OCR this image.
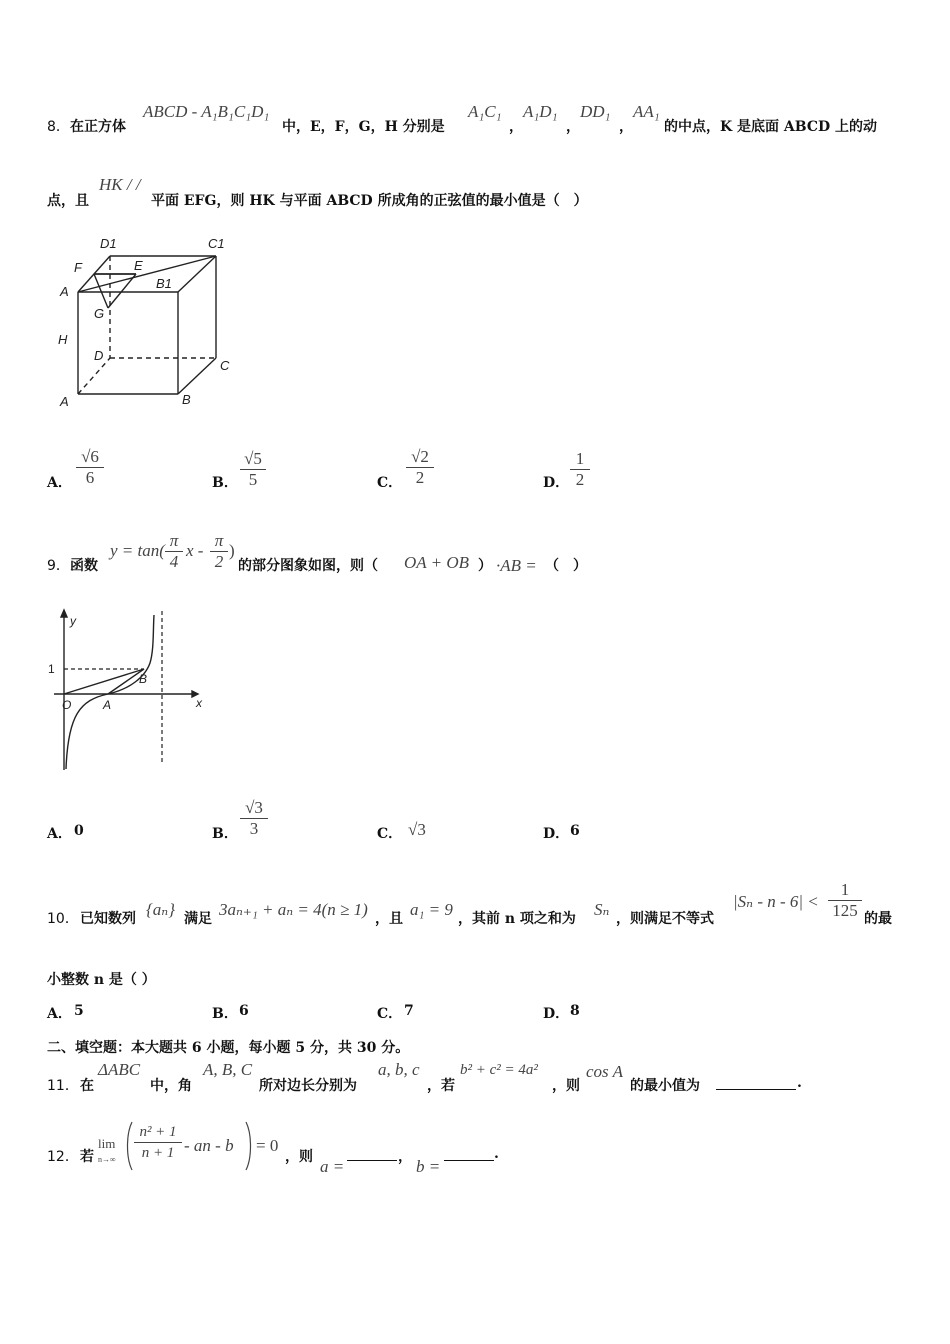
8． 在正方体
ABCD - A₁B₁C₁D₁
中，E，F，G，H 分别是
A₁C₁
，
A₁D₁
，
DD₁
，
AA₁
的中点，K 是底面 ABCD 上的动
点，且
HK / /
平面 EFG，则 HK 与平面 ABCD 所成角的正弦值的最小值是（　）
D1	C1
F	E
A
B1
G
H
D
C
A	B
A．
√6
6	B．
√5
5	C．
√2
2	D．
1
2
9． 函数
y = tan(
π
4
x -
π
2
)
的部分图象如图，则（ OA + OB ） ·AB = （　）
y
1
O	A
B
x
A． 0	B．
√3
3	C． √3	D． 6
10． 已知数列 {aₙ} 满足 3aₙ₊₁ + aₙ = 4(n ≥ 1) ，且 a₁ = 9 ，其前 n 项之和为 Sₙ ，则满足不等式
|Sₙ - n - 6| <
1
125 的最
小整数 n 是（ ）
A． 5	B． 6	C． 7	D． 8
二、填空题：本大题共 6 小题，每小题 5 分，共 30 分。
11． 在
ΔABC
中，角
A, B, C
所对边长分别为
a, b, c
，若
b² + c² = 4a²
，则
cos A
的最小值为	.
12． 若
lim
n→∞
n² + 1
n + 1 - an - b = 0
，则 a =	， b =
.
